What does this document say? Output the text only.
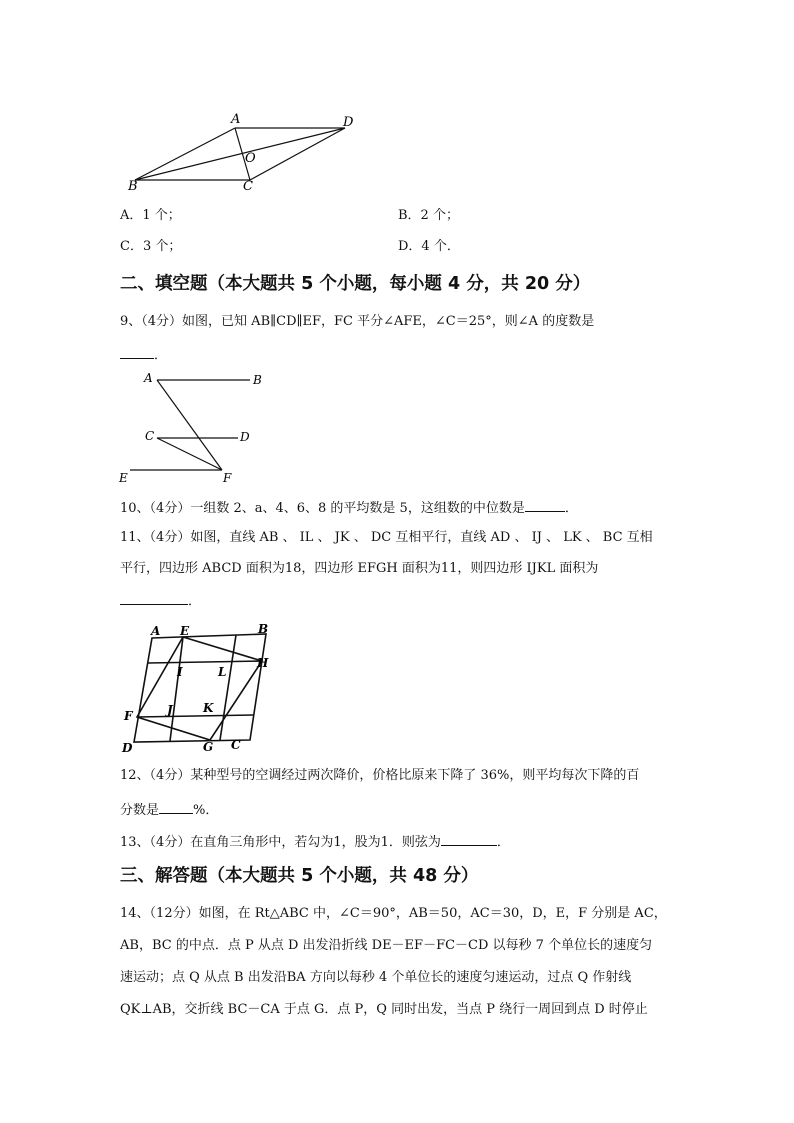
A	D
O
B	C
A．1 个；	B．2 个；
C．3 个；	D．4 个．
二、填空题（本大题共 5 个小题，每小题 4 分，共 20 分）
9、（4分）如图，已知 AB∥CD∥EF，FC 平分∠AFE，∠C＝25°，则∠A 的度数是
．
A	B
C	D
E	F
10、（4分）一组数 2、a、4、6、8 的平均数是 5，这组数的中位数是	．
11、（4分）如图，直线 AB 、 IL 、 JK 、 DC 互相平行，直线 AD 、 IJ 、 LK 、 BC 互相
平行，四边形 ABCD 面积为18，四边形 EFGH 面积为11，则四边形 IJKL 面积为
．
A E	B
H
I	L
F	J	K
D	G C
12、（4分）某种型号的空调经过两次降价，价格比原来下降了 36%，则平均每次下降的百
分数是	%．
13、（4分）在直角三角形中，若勾为1，股为1．则弦为	．
三、解答题（本大题共 5 个小题，共 48 分）
14、（12分）如图，在 Rt△ABC 中，∠C＝90°，AB＝50，AC＝30，D，E，F 分别是 AC，
AB，BC 的中点．点 P 从点 D 出发沿折线 DE－EF－FC－CD 以每秒 7 个单位长的速度匀
速运动；点 Q 从点 B 出发沿BA 方向以每秒 4 个单位长的速度匀速运动，过点 Q 作射线
QK⊥AB，交折线 BC－CA 于点 G．点 P，Q 同时出发，当点 P 绕行一周回到点 D 时停止
